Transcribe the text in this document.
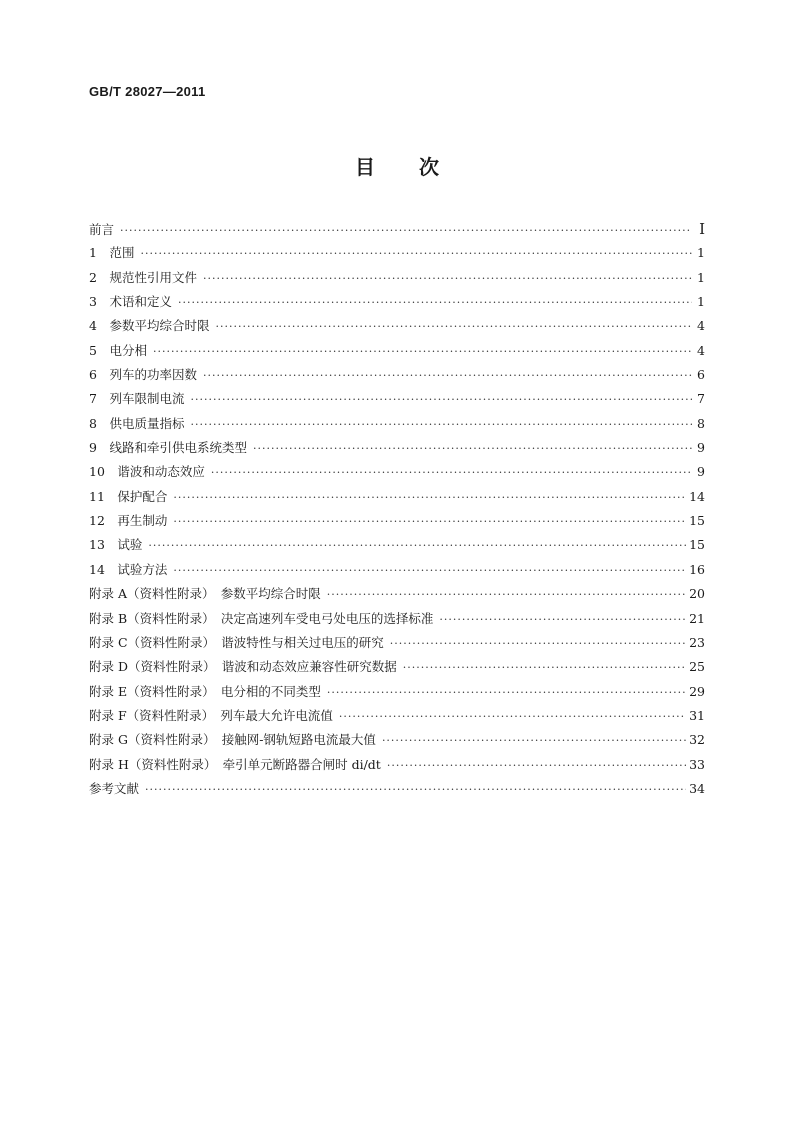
GB/T 28027—2011
目次
前言 ·····	Ⅰ
1　范围 ·····	1
2　规范性引用文件 ·····	1
3　术语和定义 ·····	1
4　参数平均综合时限 ·····	4
5　电分相 ·····	4
6　列车的功率因数 ·····	6
7　列车限制电流 ·····	7
8　供电质量指标 ·····	8
9　线路和牵引供电系统类型 ·····	9
10　谐波和动态效应 ·····	9
11　保护配合 ·····	14
12　再生制动 ·····	15
13　试验 ·····	15
14　试验方法 ·····	16
附录 A（资料性附录）　参数平均综合时限 ·····	20
附录 B（资料性附录）　决定高速列车受电弓处电压的选择标准 ·····	21
附录 C（资料性附录）　谐波特性与相关过电压的研究 ·····	23
附录 D（资料性附录）　谐波和动态效应兼容性研究数据 ·····	25
附录 E（资料性附录）　电分相的不同类型 ·····	29
附录 F（资料性附录）　列车最大允许电流值 ·····	31
附录 G（资料性附录）　接触网-钢轨短路电流最大值 ·····	32
附录 H（资料性附录）　牵引单元断路器合闸时 di/dt ·····	33
参考文献 ·····	34
